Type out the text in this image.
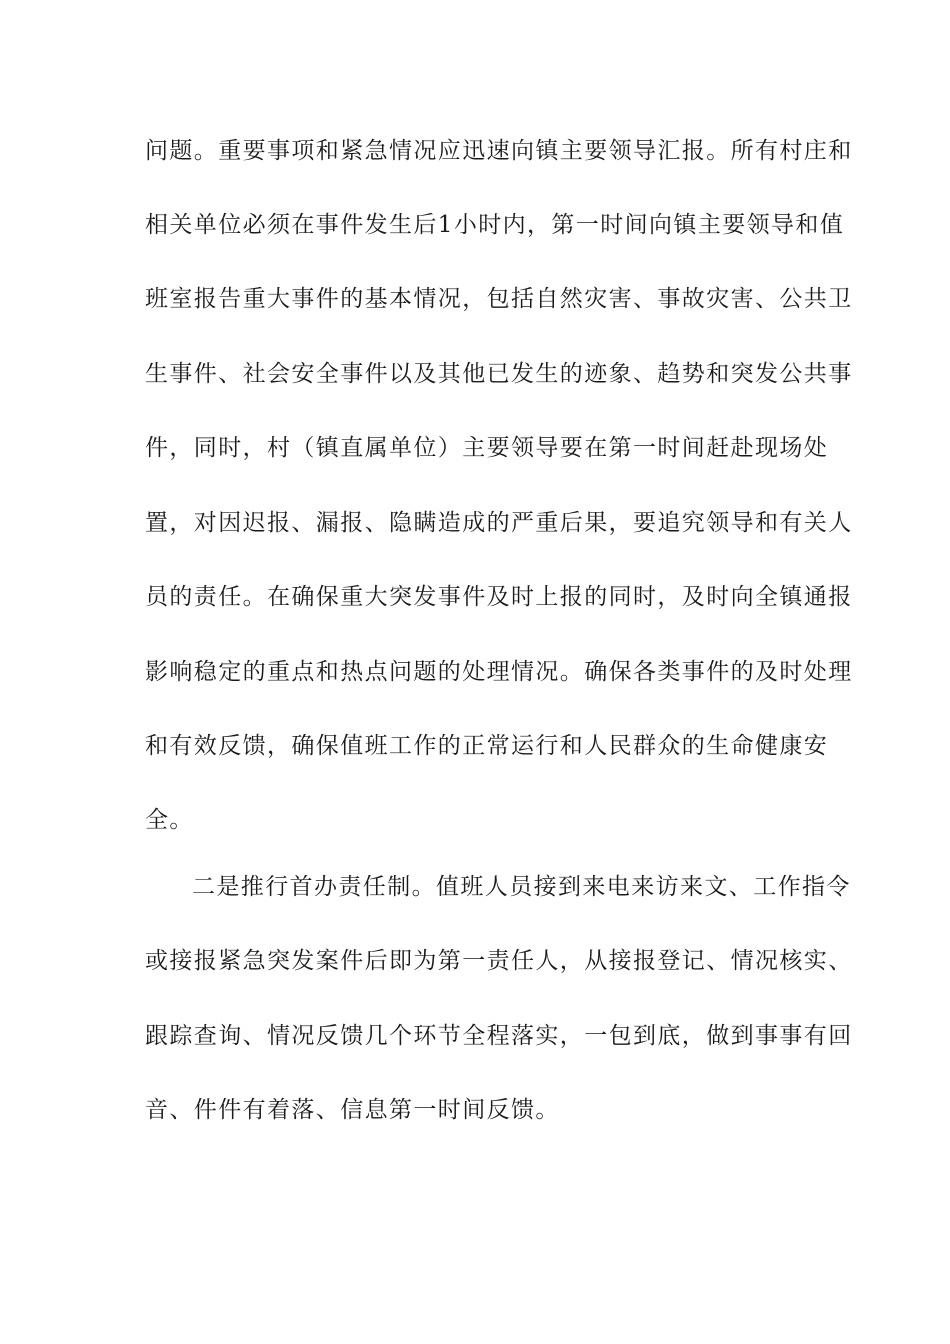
问题。重要事项和紧急情况应迅速向镇主要领导汇报。所有村庄和
相关单位必须在事件发生后1小时内，第一时间向镇主要领导和值
班室报告重大事件的基本情况，包括自然灾害、事故灾害、公共卫
生事件、社会安全事件以及其他已发生的迹象、趋势和突发公共事
件，同时，村（镇直属单位）主要领导要在第一时间赶赴现场处
置，对因迟报、漏报、隐瞒造成的严重后果，要追究领导和有关人
员的责任。在确保重大突发事件及时上报的同时，及时向全镇通报
影响稳定的重点和热点问题的处理情况。确保各类事件的及时处理
和有效反馈，确保值班工作的正常运行和人民群众的生命健康安
全。
二是推行首办责任制。值班人员接到来电来访来文、工作指令
或接报紧急突发案件后即为第一责任人，从接报登记、情况核实、
跟踪查询、情况反馈几个环节全程落实，一包到底，做到事事有回
音、件件有着落、信息第一时间反馈。
